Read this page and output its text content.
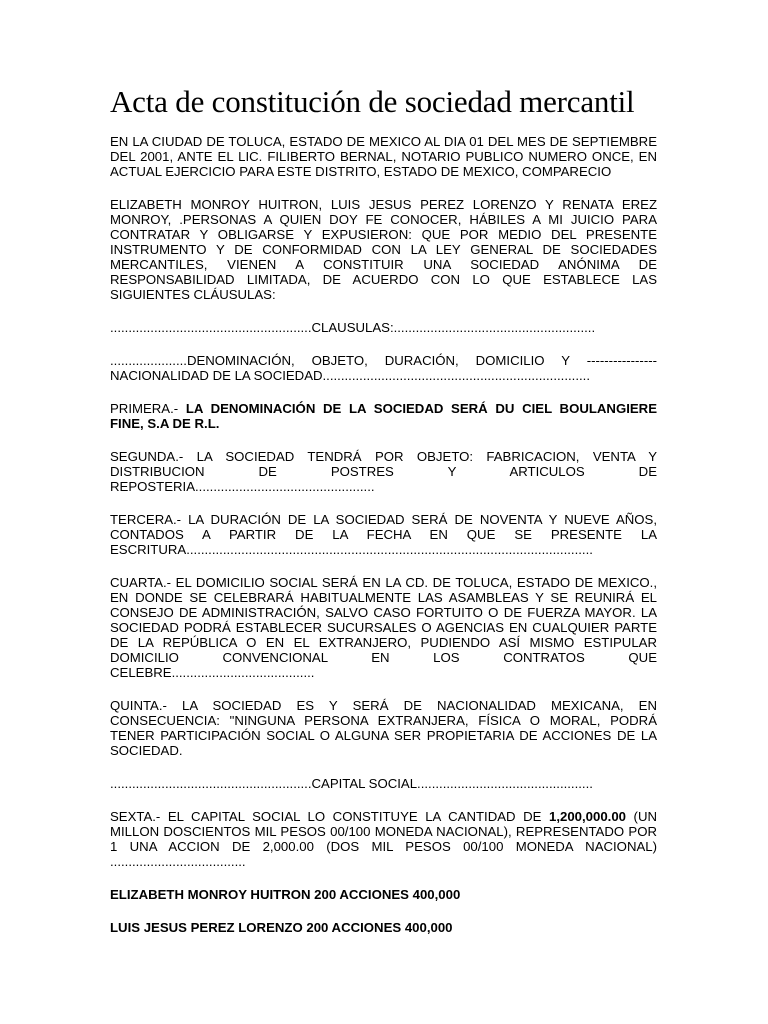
Acta de constitución de sociedad mercantil

EN LA CIUDAD DE TOLUCA, ESTADO DE MEXICO AL DIA 01 DEL MES DE SEPTIEMBRE DEL 2001, ANTE EL LIC. FILIBERTO BERNAL, NOTARIO PUBLICO NUMERO ONCE, EN ACTUAL EJERCICIO PARA ESTE DISTRITO, ESTADO DE MEXICO, COMPARECIO

ELIZABETH MONROY HUITRON, LUIS JESUS PEREZ LORENZO Y RENATA EREZ MONROY, .PERSONAS A QUIEN DOY FE CONOCER, HÁBILES A MI JUICIO PARA CONTRATAR Y OBLIGARSE Y EXPUSIERON: QUE POR MEDIO DEL PRESENTE INSTRUMENTO Y DE CONFORMIDAD CON LA LEY GENERAL DE SOCIEDADES MERCANTILES, VIENEN A CONSTITUIR UNA SOCIEDAD ANÓNIMA DE RESPONSABILIDAD LIMITADA, DE ACUERDO CON LO QUE ESTABLECE LAS SIGUIENTES CLÁUSULAS:

.......................................................CLAUSULAS:.......................................................

.....................DENOMINACIÓN, OBJETO, DURACIÓN, DOMICILIO Y ---------------- NACIONALIDAD DE LA SOCIEDAD.........................................................................

PRIMERA.- LA DENOMINACIÓN DE LA SOCIEDAD SERÁ DU CIEL BOULANGIERE FINE, S.A DE R.L.

SEGUNDA.- LA SOCIEDAD TENDRÁ POR OBJETO: FABRICACION, VENTA Y DISTRIBUCION DE POSTRES Y ARTICULOS DE REPOSTERIA.................................................

TERCERA.- LA DURACIÓN DE LA SOCIEDAD SERÁ DE NOVENTA Y NUEVE AÑOS, CONTADOS A PARTIR DE LA FECHA EN QUE SE PRESENTE LA ESCRITURA...............................................................................................................

CUARTA.- EL DOMICILIO SOCIAL SERÁ EN LA CD. DE TOLUCA, ESTADO DE MEXICO., EN DONDE SE CELEBRARÁ HABITUALMENTE LAS ASAMBLEAS Y SE REUNIRÁ EL CONSEJO DE ADMINISTRACIÓN, SALVO CASO FORTUITO O DE FUERZA MAYOR. LA SOCIEDAD PODRÁ ESTABLECER SUCURSALES O AGENCIAS EN CUALQUIER PARTE DE LA REPÚBLICA O EN EL EXTRANJERO, PUDIENDO ASÍ MISMO ESTIPULAR DOMICILIO CONVENCIONAL EN LOS CONTRATOS QUE CELEBRE.......................................

QUINTA.- LA SOCIEDAD ES Y SERÁ DE NACIONALIDAD MEXICANA, EN CONSECUENCIA: "NINGUNA PERSONA EXTRANJERA, FÍSICA O MORAL, PODRÁ TENER PARTICIPACIÓN SOCIAL O ALGUNA SER PROPIETARIA DE ACCIONES DE LA SOCIEDAD.

.......................................................CAPITAL SOCIAL................................................

SEXTA.- EL CAPITAL SOCIAL LO CONSTITUYE LA CANTIDAD DE 1,200,000.00 (UN MILLON DOSCIENTOS MIL PESOS 00/100 MONEDA NACIONAL), REPRESENTADO POR 1 UNA ACCION DE 2,000.00 (DOS MIL PESOS 00/100 MONEDA NACIONAL) .....................................

ELIZABETH MONROY HUITRON 200 ACCIONES 400,000

LUIS JESUS PEREZ LORENZO 200 ACCIONES 400,000
